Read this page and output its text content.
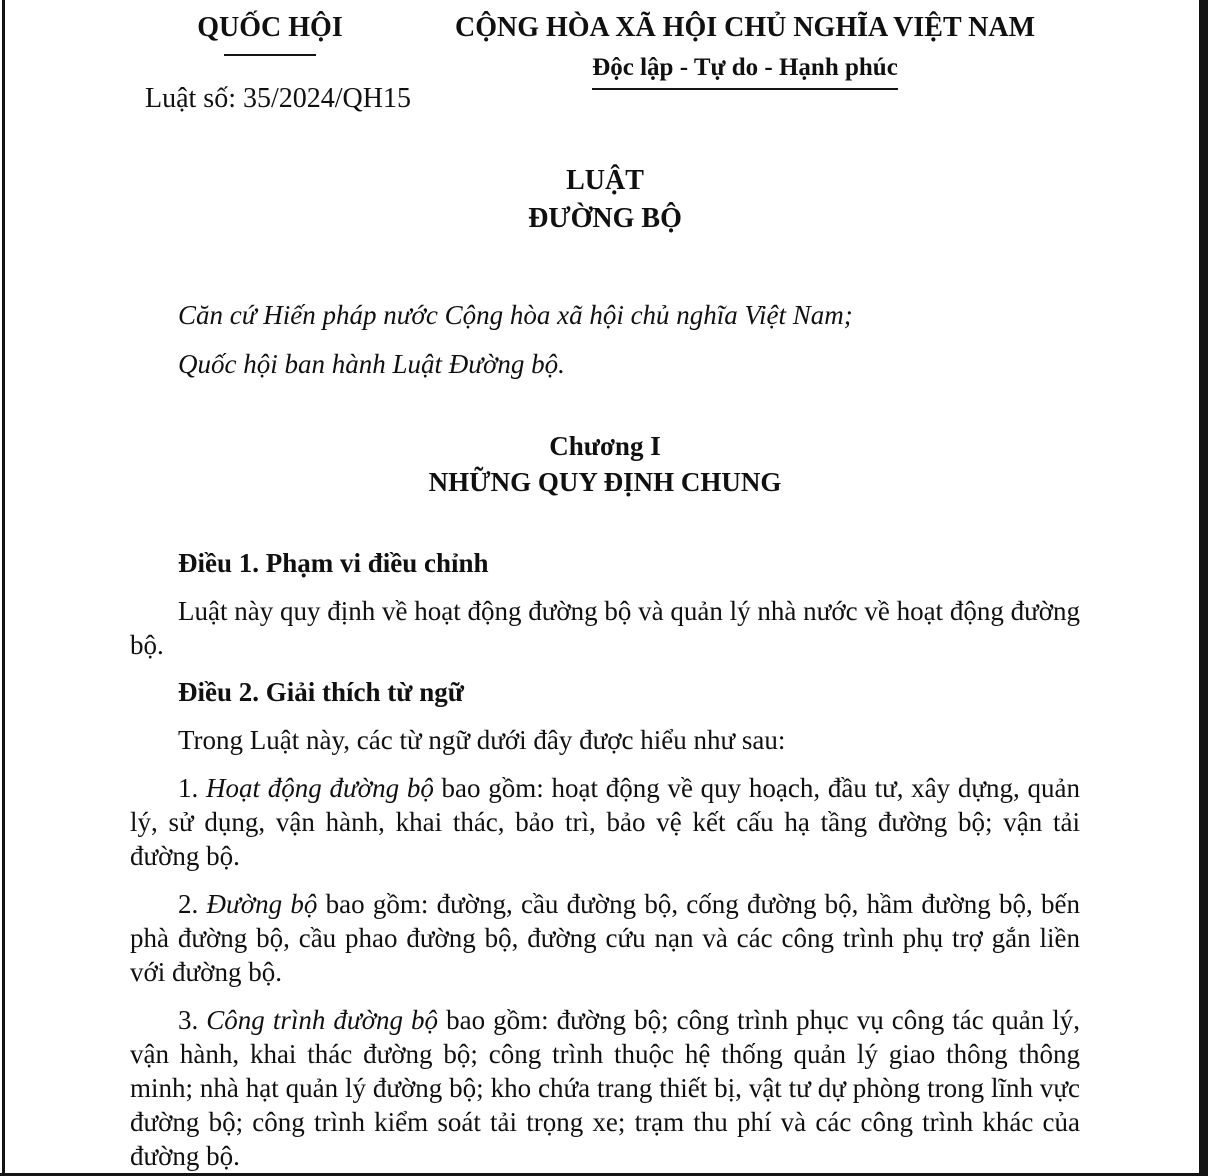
QUỐC HỘI
Luật số: 35/2024/QH15
CỘNG HÒA XÃ HỘI CHỦ NGHĨA VIỆT NAM
Độc lập - Tự do - Hạnh phúc
LUẬT
ĐƯỜNG BỘ

Căn cứ Hiến pháp nước Cộng hòa xã hội chủ nghĩa Việt Nam;

Quốc hội ban hành Luật Đường bộ.

Chương I
NHỮNG QUY ĐỊNH CHUNG

Điều 1. Phạm vi điều chỉnh

Luật này quy định về hoạt động đường bộ và quản lý nhà nước về hoạt động đường bộ.

Điều 2. Giải thích từ ngữ

Trong Luật này, các từ ngữ dưới đây được hiểu như sau:

1. Hoạt động đường bộ bao gồm: hoạt động về quy hoạch, đầu tư, xây dựng, quản lý, sử dụng, vận hành, khai thác, bảo trì, bảo vệ kết cấu hạ tầng đường bộ; vận tải đường bộ.

2. Đường bộ bao gồm: đường, cầu đường bộ, cống đường bộ, hầm đường bộ, bến phà đường bộ, cầu phao đường bộ, đường cứu nạn và các công trình phụ trợ gắn liền với đường bộ.

3. Công trình đường bộ bao gồm: đường bộ; công trình phục vụ công tác quản lý, vận hành, khai thác đường bộ; công trình thuộc hệ thống quản lý giao thông thông minh; nhà hạt quản lý đường bộ; kho chứa trang thiết bị, vật tư dự phòng trong lĩnh vực đường bộ; công trình kiểm soát tải trọng xe; trạm thu phí và các công trình khác của đường bộ.
